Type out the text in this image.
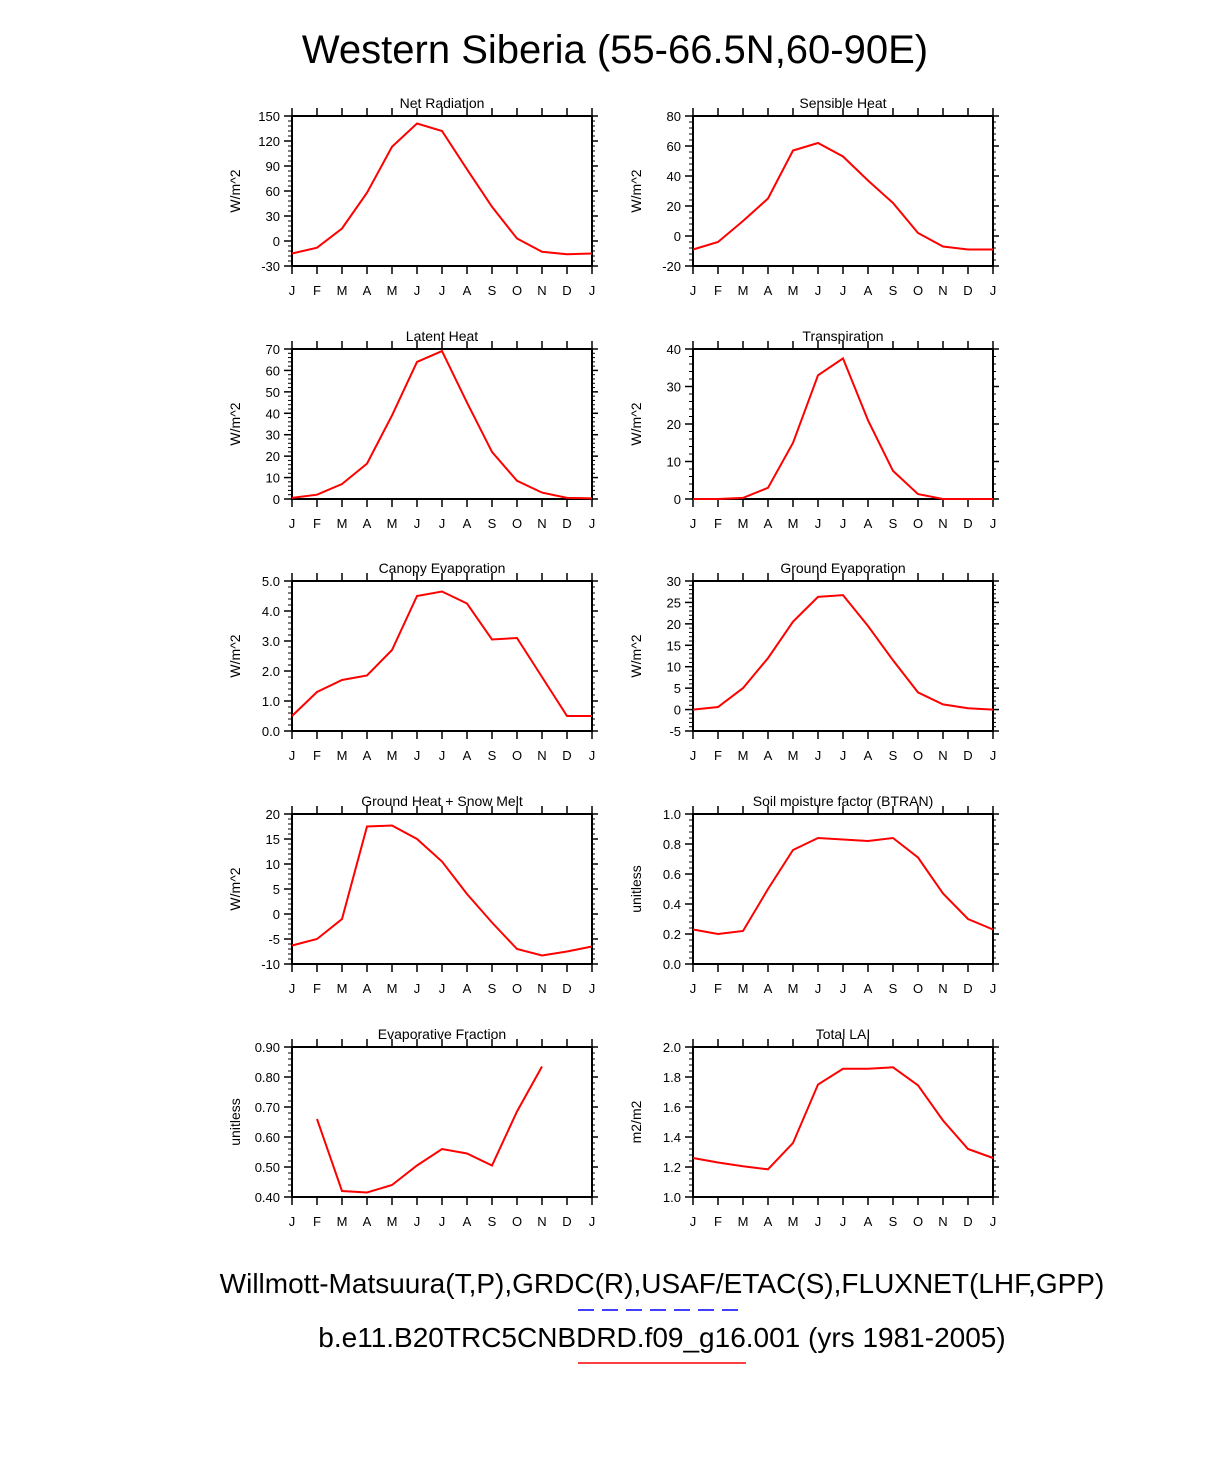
Western Siberia (55-66.5N,60-90E)
Net Radiation
J F M A M J J A S O N D J
-30
0
30
60
90
120
150
W/m^2
Sensible Heat
J F M A M J J A S O N D J
-20
0
20
40
60
80
W/m^2
Latent Heat
J F M A M J J A S O N D J
0
10
20
30
40
50
60
70
W/m^2
Transpiration
J F M A M J J A S O N D J
0
10
20
30
40
W/m^2
Canopy Evaporation
J F M A M J J A S O N D J
0.0
1.0
2.0
3.0
4.0
5.0
W/m^2
Ground Evaporation
J F M A M J J A S O N D J
-5
0
5
10
15
20
25
30
W/m^2
Ground Heat + Snow Melt
J F M A M J J A S O N D J
-10
-5
0
5
10
15
20
W/m^2
Soil moisture factor (BTRAN)
J F M A M J J A S O N D J
0.0
0.2
0.4
0.6
0.8
1.0
unitless
Evaporative Fraction
J F M A M J J A S O N D J
0.40
0.50
0.60
0.70
0.80
0.90
unitless
Total LAI
J F M A M J J A S O N D J
1.0
1.2
1.4
1.6
1.8
2.0
m2/m2
Willmott-Matsuura(T,P),GRDC(R),USAF/ETAC(S),FLUXNET(LHF,GPP)
b.e11.B20TRC5CNBDRD.f09_g16.001 (yrs 1981-2005)
